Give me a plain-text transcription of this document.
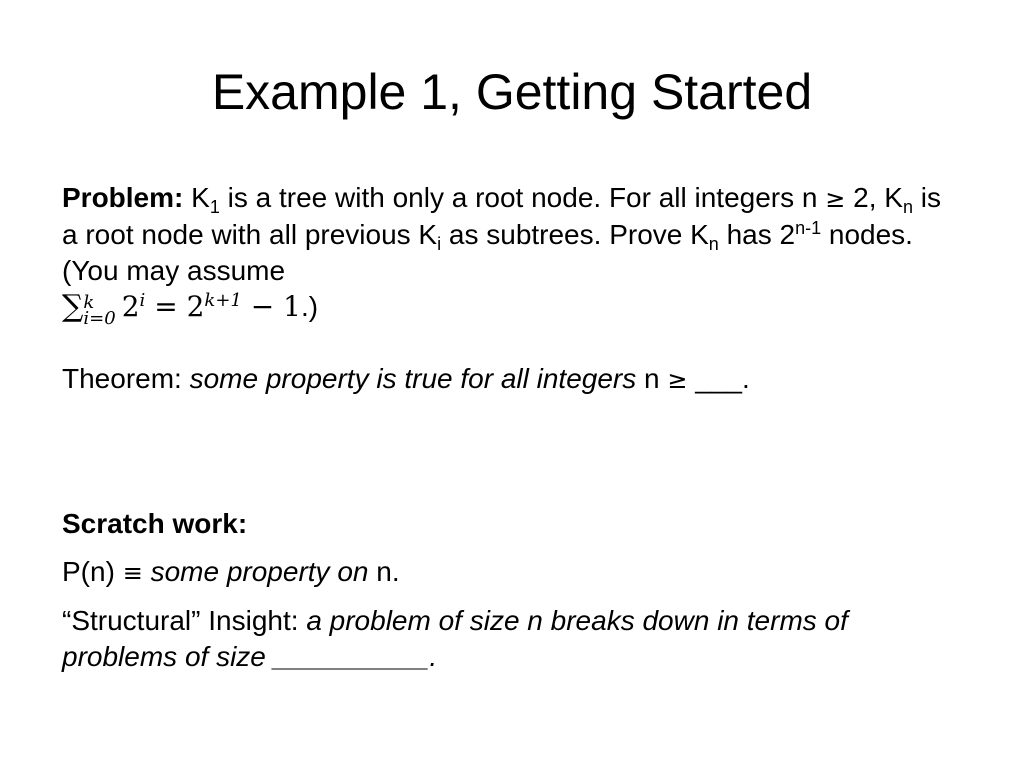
Example 1, Getting Started

Problem: $K_1$ is a tree with only a root node. For all integers n ≥ 2, $K_n$ is a root node with all previous $K_i$ as subtrees. Prove $K_n$ has 2$^{n-1}$ nodes. (You may assume
∑ k
i=0 $2^i = 2^{k+1} - 1$.)

Theorem: some property is true for all integers n ≥ ___.

Scratch work:

P(n) ≡ some property on n.

“Structural” Insight: a problem of size n breaks down in terms of problems of size __________.
